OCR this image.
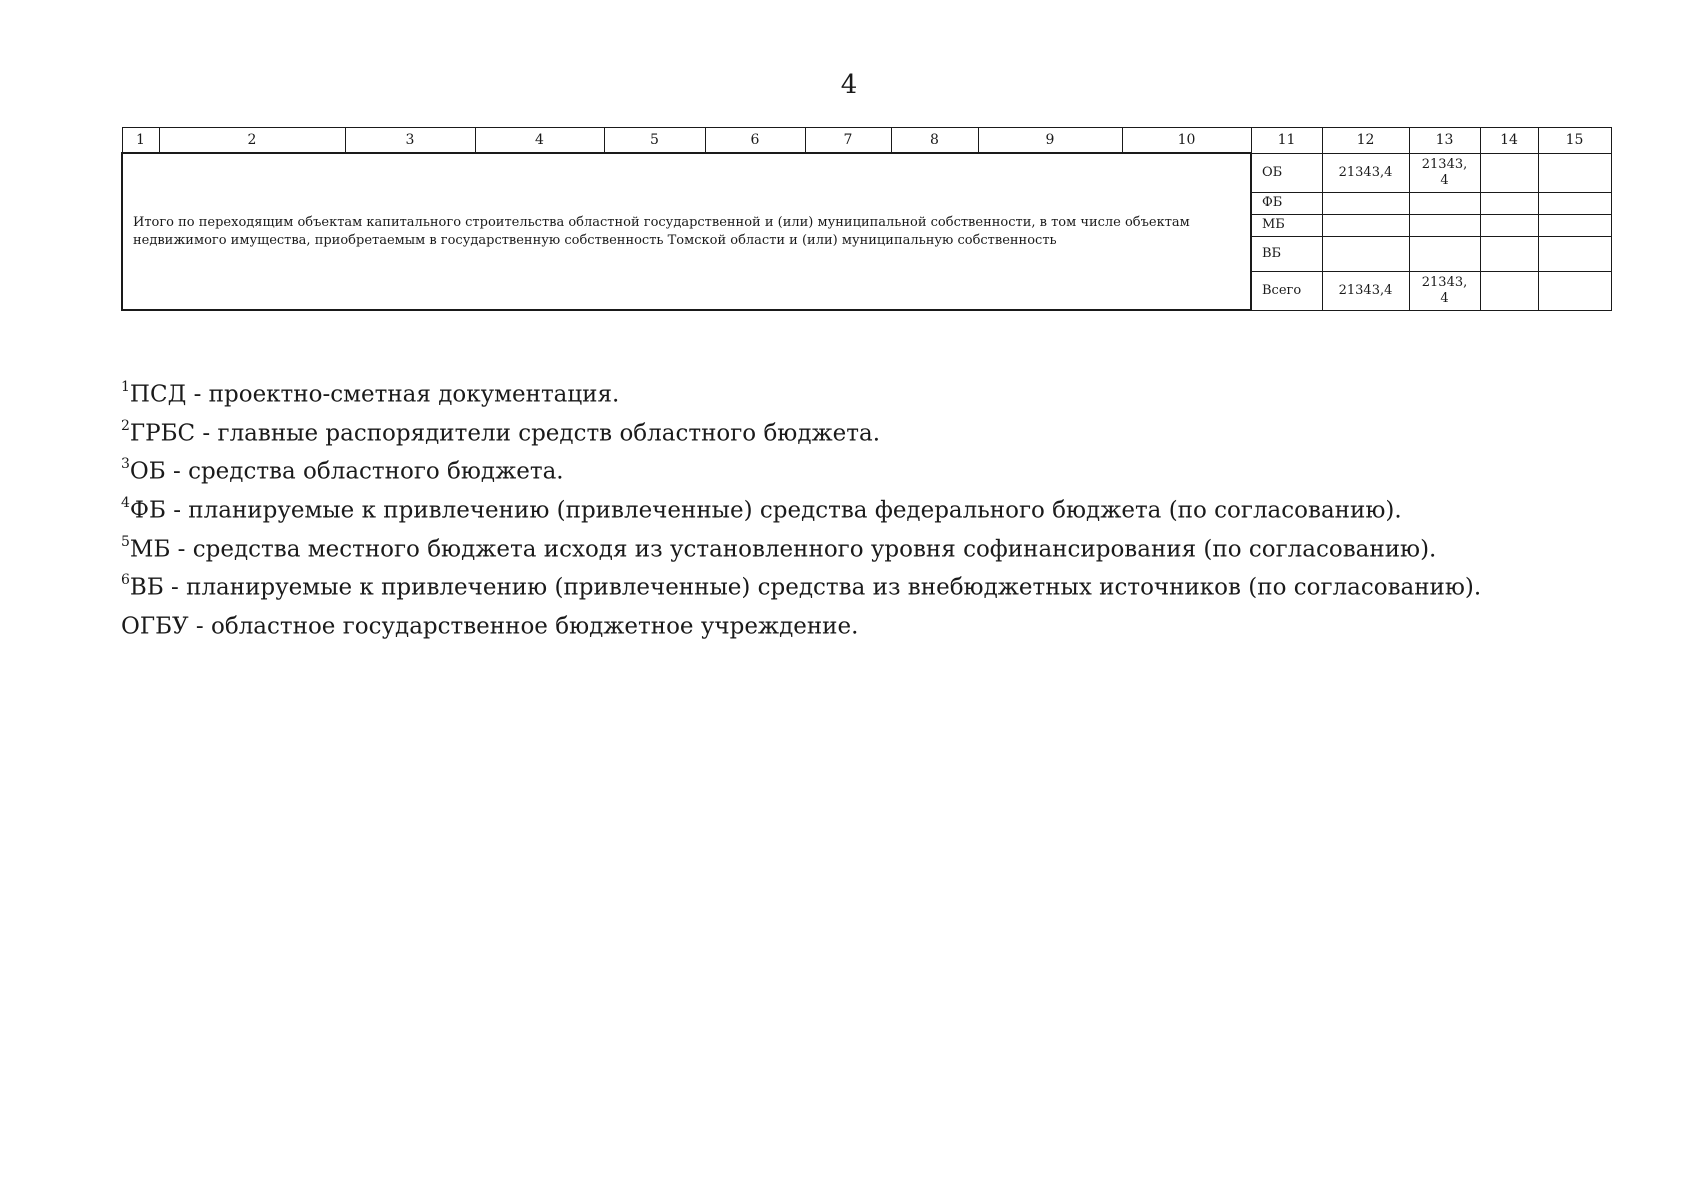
4
1	2	3	4	5	6	7	8	9	10	11	12	13	14	15
Итого по переходящим объектам капитального строительства областной государственной и (или) муниципальной собственности, в том числе объектам недвижимого имущества, приобретаемым в государственную собственность Томской области и (или) муниципальную собственность										ОБ	21343,4	21343,
4		
										ФБ				
										МБ				
										ВБ				
										Всего	21343,4	21343,
4		
$^1$ПСД - проектно-сметная документация.
$^2$ГРБС - главные распорядители средств областного бюджета.
$^3$ОБ - средства областного бюджета.
$^4$ФБ - планируемые к привлечению (привлеченные) средства федерального бюджета (по согласованию).
$^5$МБ - средства местного бюджета исходя из установленного уровня софинансирования (по согласованию).
$^6$ВБ - планируемые к привлечению (привлеченные) средства из внебюджетных источников (по согласованию).
ОГБУ - областное государственное бюджетное учреждение.
